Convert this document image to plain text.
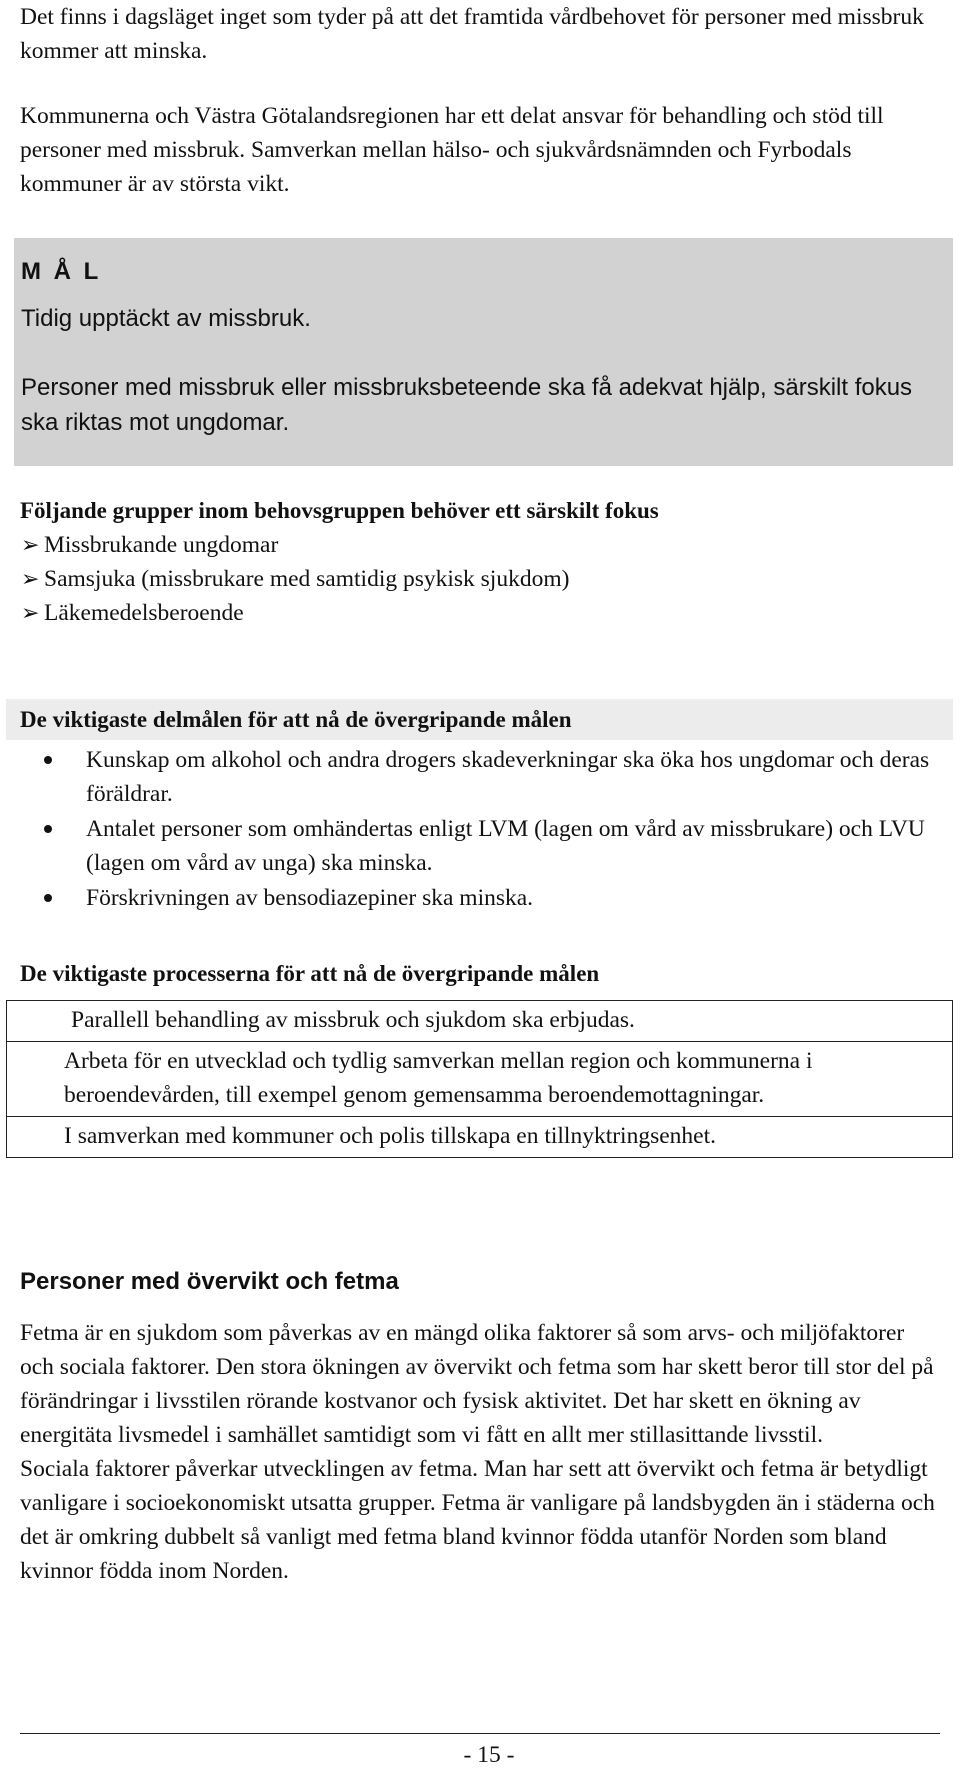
Det finns i dagsläget inget som tyder på att det framtida vårdbehovet för personer med missbruk kommer att minska.

Kommunerna och Västra Götalandsregionen har ett delat ansvar för behandling och stöd till personer med missbruk. Samverkan mellan hälso- och sjukvårdsnämnden och Fyrbodals kommuner är av största vikt.

M Å L

Tidig upptäckt av missbruk.

Personer med missbruk eller missbruksbeteende ska få adekvat hjälp, särskilt fokus ska riktas mot ungdomar.

Följande grupper inom behovsgruppen behöver ett särskilt fokus

➢ Missbrukande ungdomar
➢ Samsjuka (missbrukare med samtidig psykisk sjukdom)
➢ Läkemedelsberoende

De viktigaste delmålen för att nå de övergripande målen

Kunskap om alkohol och andra drogers skadeverkningar ska öka hos ungdomar och deras föräldrar.
Antalet personer som omhändertas enligt LVM (lagen om vård av missbrukare) och LVU (lagen om vård av unga) ska minska.
Förskrivningen av bensodiazepiner ska minska.

De viktigaste processerna för att nå de övergripande målen

Parallell behandling av missbruk och sjukdom ska erbjudas.
Arbeta för en utvecklad och tydlig samverkan mellan region och kommunerna i beroendevården, till exempel genom gemensamma beroendemottagningar.
I samverkan med kommuner och polis tillskapa en tillnyktringsenhet.

Personer med övervikt och fetma

Fetma är en sjukdom som påverkas av en mängd olika faktorer så som arvs- och miljöfaktorer och sociala faktorer. Den stora ökningen av övervikt och fetma som har skett beror till stor del på förändringar i livsstilen rörande kostvanor och fysisk aktivitet. Det har skett en ökning av energitäta livsmedel i samhället samtidigt som vi fått en allt mer stillasittande livsstil.

Sociala faktorer påverkar utvecklingen av fetma. Man har sett att övervikt och fetma är betydligt vanligare i socioekonomiskt utsatta grupper. Fetma är vanligare på landsbygden än i städerna och det är omkring dubbelt så vanligt med fetma bland kvinnor födda utanför Norden som bland kvinnor födda inom Norden.

- 15 -
